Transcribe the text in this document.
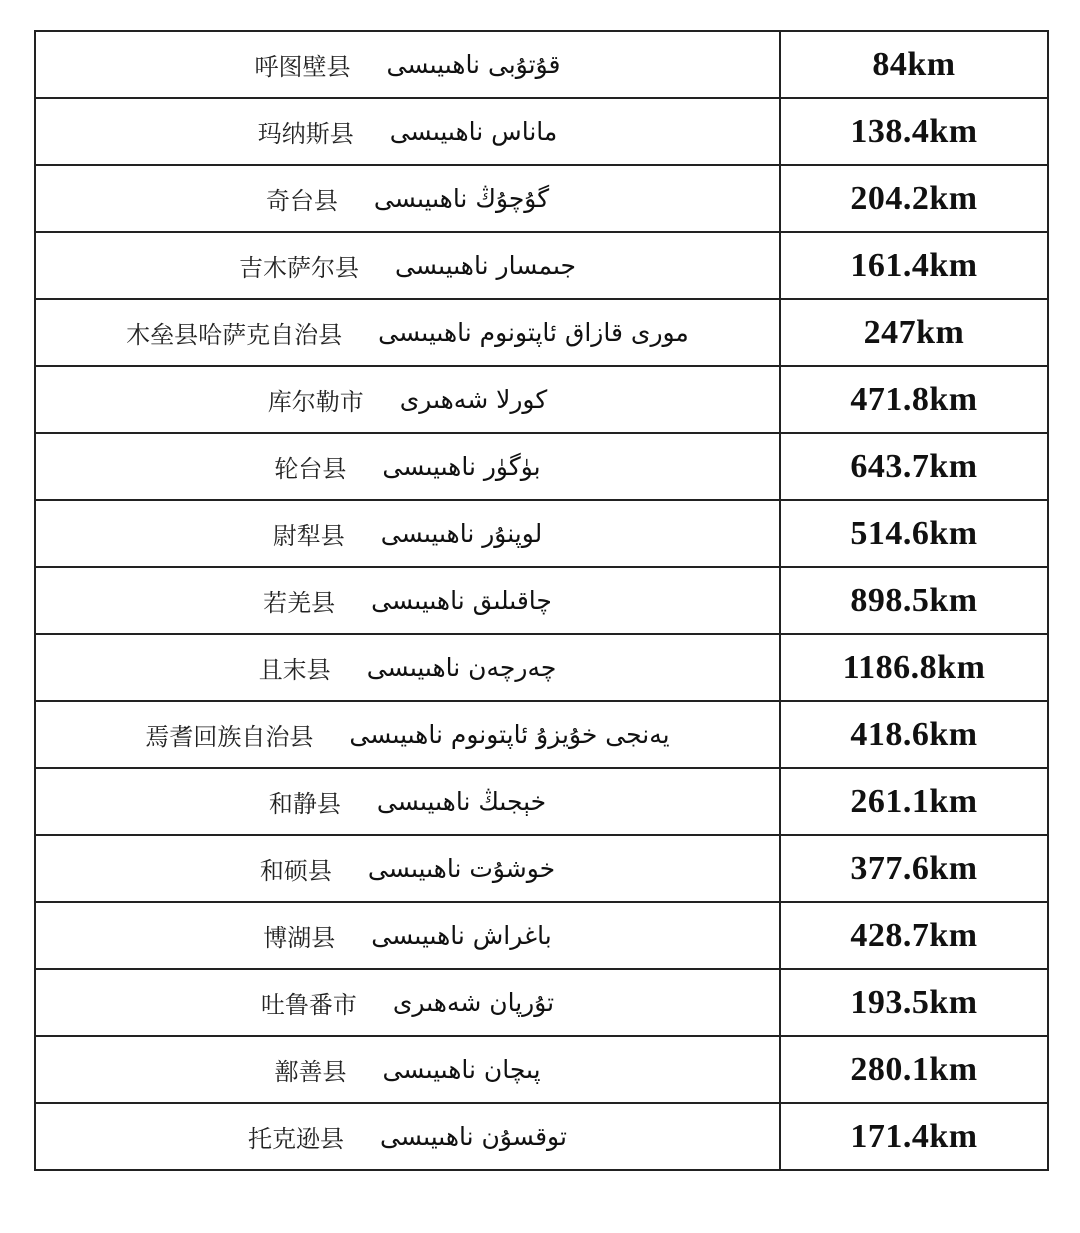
呼图壁县 قۇتۇبى ناھىيىسى	84km

玛纳斯县 ماناس ناھىيىسى	138.4km

奇台县 گۇچۇڭ ناھىيىسى	204.2km

吉木萨尔县 جىمسار ناھىيىسى	161.4km

木垒县哈萨克自治县 مورى قازاق ئاپتونوم ناھىيىسى	247km

库尔勒市 كورلا شەھىرى	471.8km

轮台县 بۈگۈر ناھىيىسى	643.7km

尉犁县 لوپنۇر ناھىيىسى	514.6km

若羌县 چاقىلىق ناھىيىسى	898.5km

且末县 چەرچەن ناھىيىسى	1186.8km

焉耆回族自治县 يەنجى خۇيزۇ ئاپتونوم ناھىيىسى	418.6km

和静县 خېجىڭ ناھىيىسى	261.1km

和硕县 خوشۇت ناھىيىسى	377.6km

博湖县 باغراش ناھىيىسى	428.7km

吐鲁番市 تۇرپان شەھىرى	193.5km

鄯善县 پىچان ناھىيىسى	280.1km

托克逊县 توقسۇن ناھىيىسى	171.4km
